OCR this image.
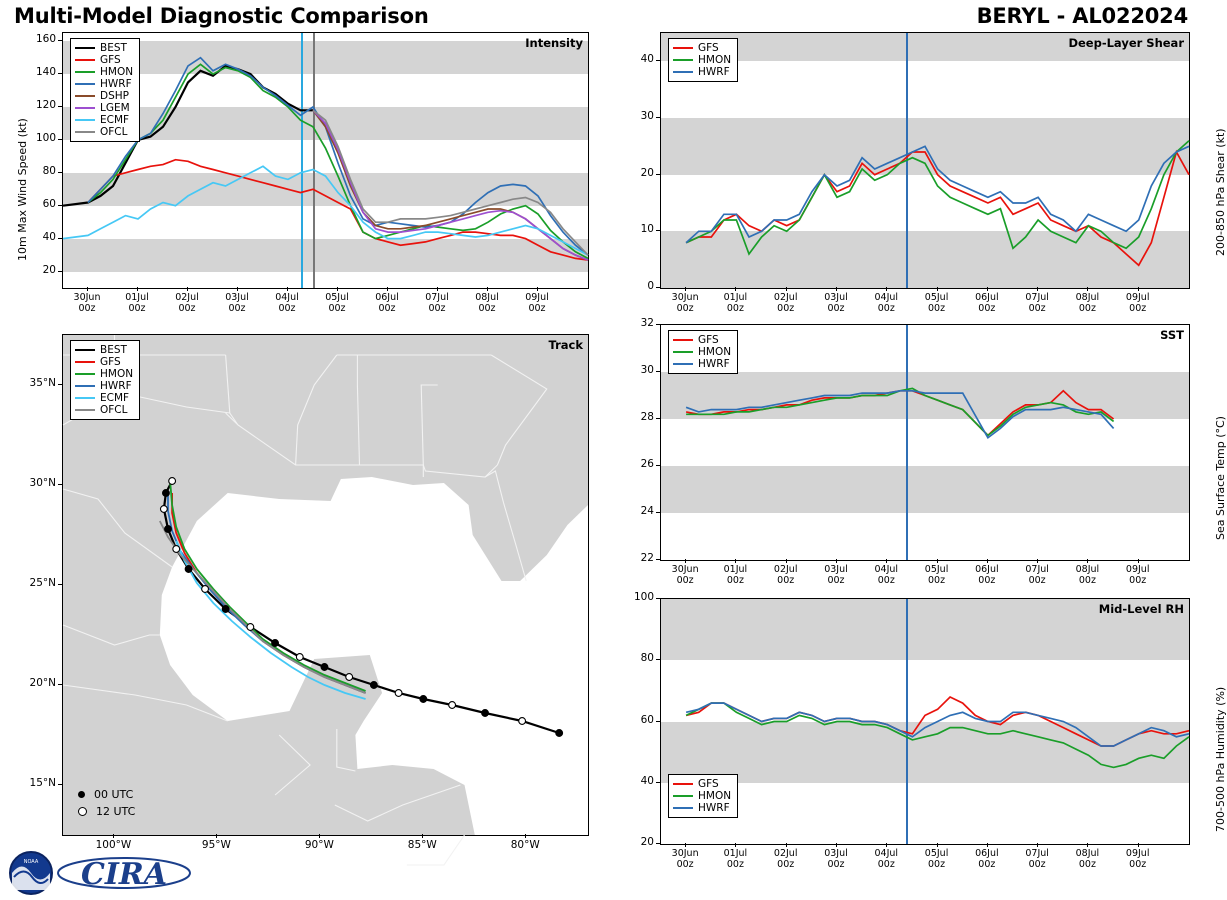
Multi-Model Diagnostic Comparison	BERYL - AL022024
10m Max Wind Speed (kt)
Intensity
BEST
GFS
HMON
HWRF
DSHP
LGEM
ECMF
OFCL
20
40
60
80
100
120
140
160
30Jun
00z
01Jul
00z
02Jul
00z
03Jul
00z
04Jul
00z
05Jul
00z
06Jul
00z
07Jul
00z
08Jul
00z
09Jul
00z
Track
BEST
GFS
HMON
HWRF
ECMF
OFCL
00 UTC
12 UTC
15°N
20°N
25°N
30°N
35°N
100°W	95°W	90°W	85°W	80°W
200-850 hPa Shear (kt)
Deep-Layer Shear
GFS
HMON
HWRF
0
10
20
30
40
30Jun
00z
01Jul
00z
02Jul
00z
03Jul
00z
04Jul
00z
05Jul
00z
06Jul
00z
07Jul
00z
08Jul
00z
09Jul
00z
Sea Surface Temp (°C)
SST
GFS
HMON
HWRF
22
24
26
28
30
32
30Jun
00z
01Jul
00z
02Jul
00z
03Jul
00z
04Jul
00z
05Jul
00z
06Jul
00z
07Jul
00z
08Jul
00z
09Jul
00z
700-500 hPa Humidity (%)
Mid-Level RH
GFS
HMON
HWRF
20
40
60
80
100
30Jun
00z
01Jul
00z
02Jul
00z
03Jul
00z
04Jul
00z
05Jul
00z
06Jul
00z
07Jul
00z
08Jul
00z
09Jul
00z
NOAA CIRA
